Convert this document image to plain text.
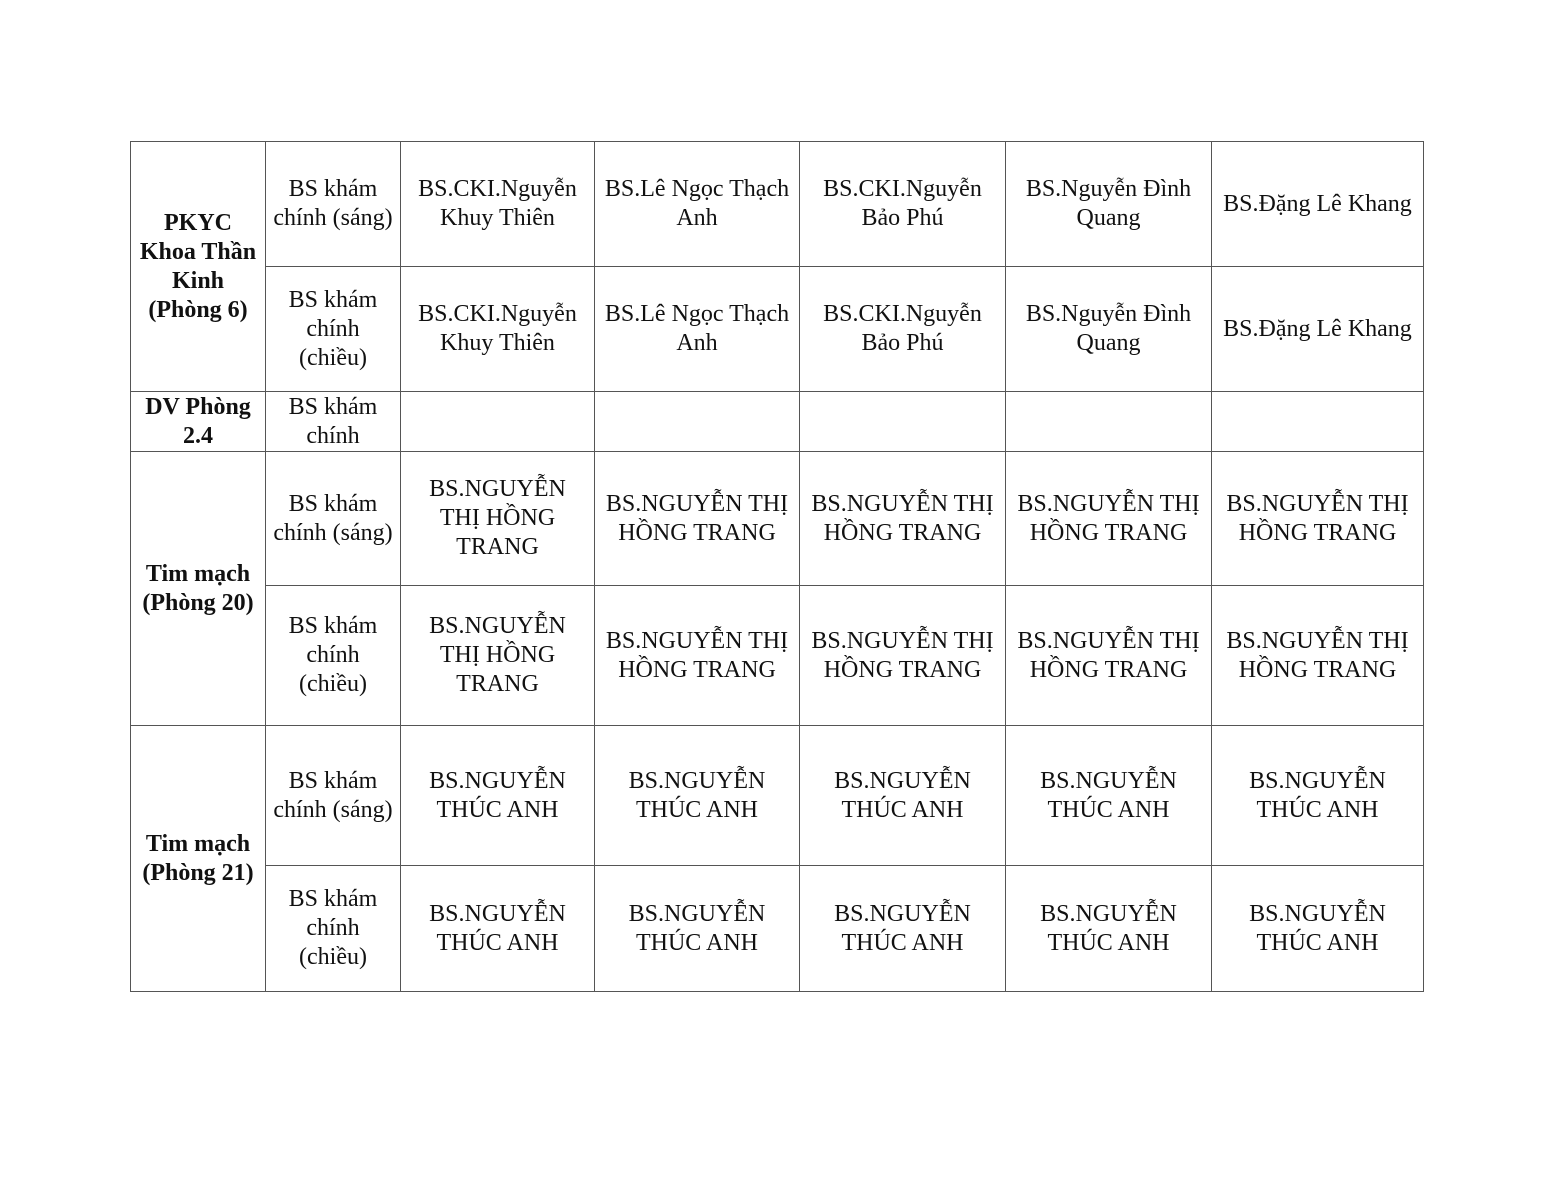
PKYC Khoa Thần Kinh (Phòng 6)	BS khám chính (sáng)	BS.CKI.Nguyễn Khuy Thiên	BS.Lê Ngọc Thạch Anh	BS.CKI.Nguyễn Bảo Phú	BS.Nguyễn Đình Quang	BS.Đặng Lê Khang
	BS khám chính (chiều)	BS.CKI.Nguyễn Khuy Thiên	BS.Lê Ngọc Thạch Anh	BS.CKI.Nguyễn Bảo Phú	BS.Nguyễn Đình Quang	BS.Đặng Lê Khang
DV Phòng 2.4	BS khám chính					
Tim mạch (Phòng 20)	BS khám chính (sáng)	BS.NGUYỄN THỊ HỒNG TRANG	BS.NGUYỄN THỊ HỒNG TRANG	BS.NGUYỄN THỊ HỒNG TRANG	BS.NGUYỄN THỊ HỒNG TRANG	BS.NGUYỄN THỊ HỒNG TRANG
	BS khám chính (chiều)	BS.NGUYỄN THỊ HỒNG TRANG	BS.NGUYỄN THỊ HỒNG TRANG	BS.NGUYỄN THỊ HỒNG TRANG	BS.NGUYỄN THỊ HỒNG TRANG	BS.NGUYỄN THỊ HỒNG TRANG
Tim mạch (Phòng 21)	BS khám chính (sáng)	BS.NGUYỄN THÚC ANH	BS.NGUYỄN THÚC ANH	BS.NGUYỄN THÚC ANH	BS.NGUYỄN THÚC ANH	BS.NGUYỄN THÚC ANH
	BS khám chính (chiều)	BS.NGUYỄN THÚC ANH	BS.NGUYỄN THÚC ANH	BS.NGUYỄN THÚC ANH	BS.NGUYỄN THÚC ANH	BS.NGUYỄN THÚC ANH
